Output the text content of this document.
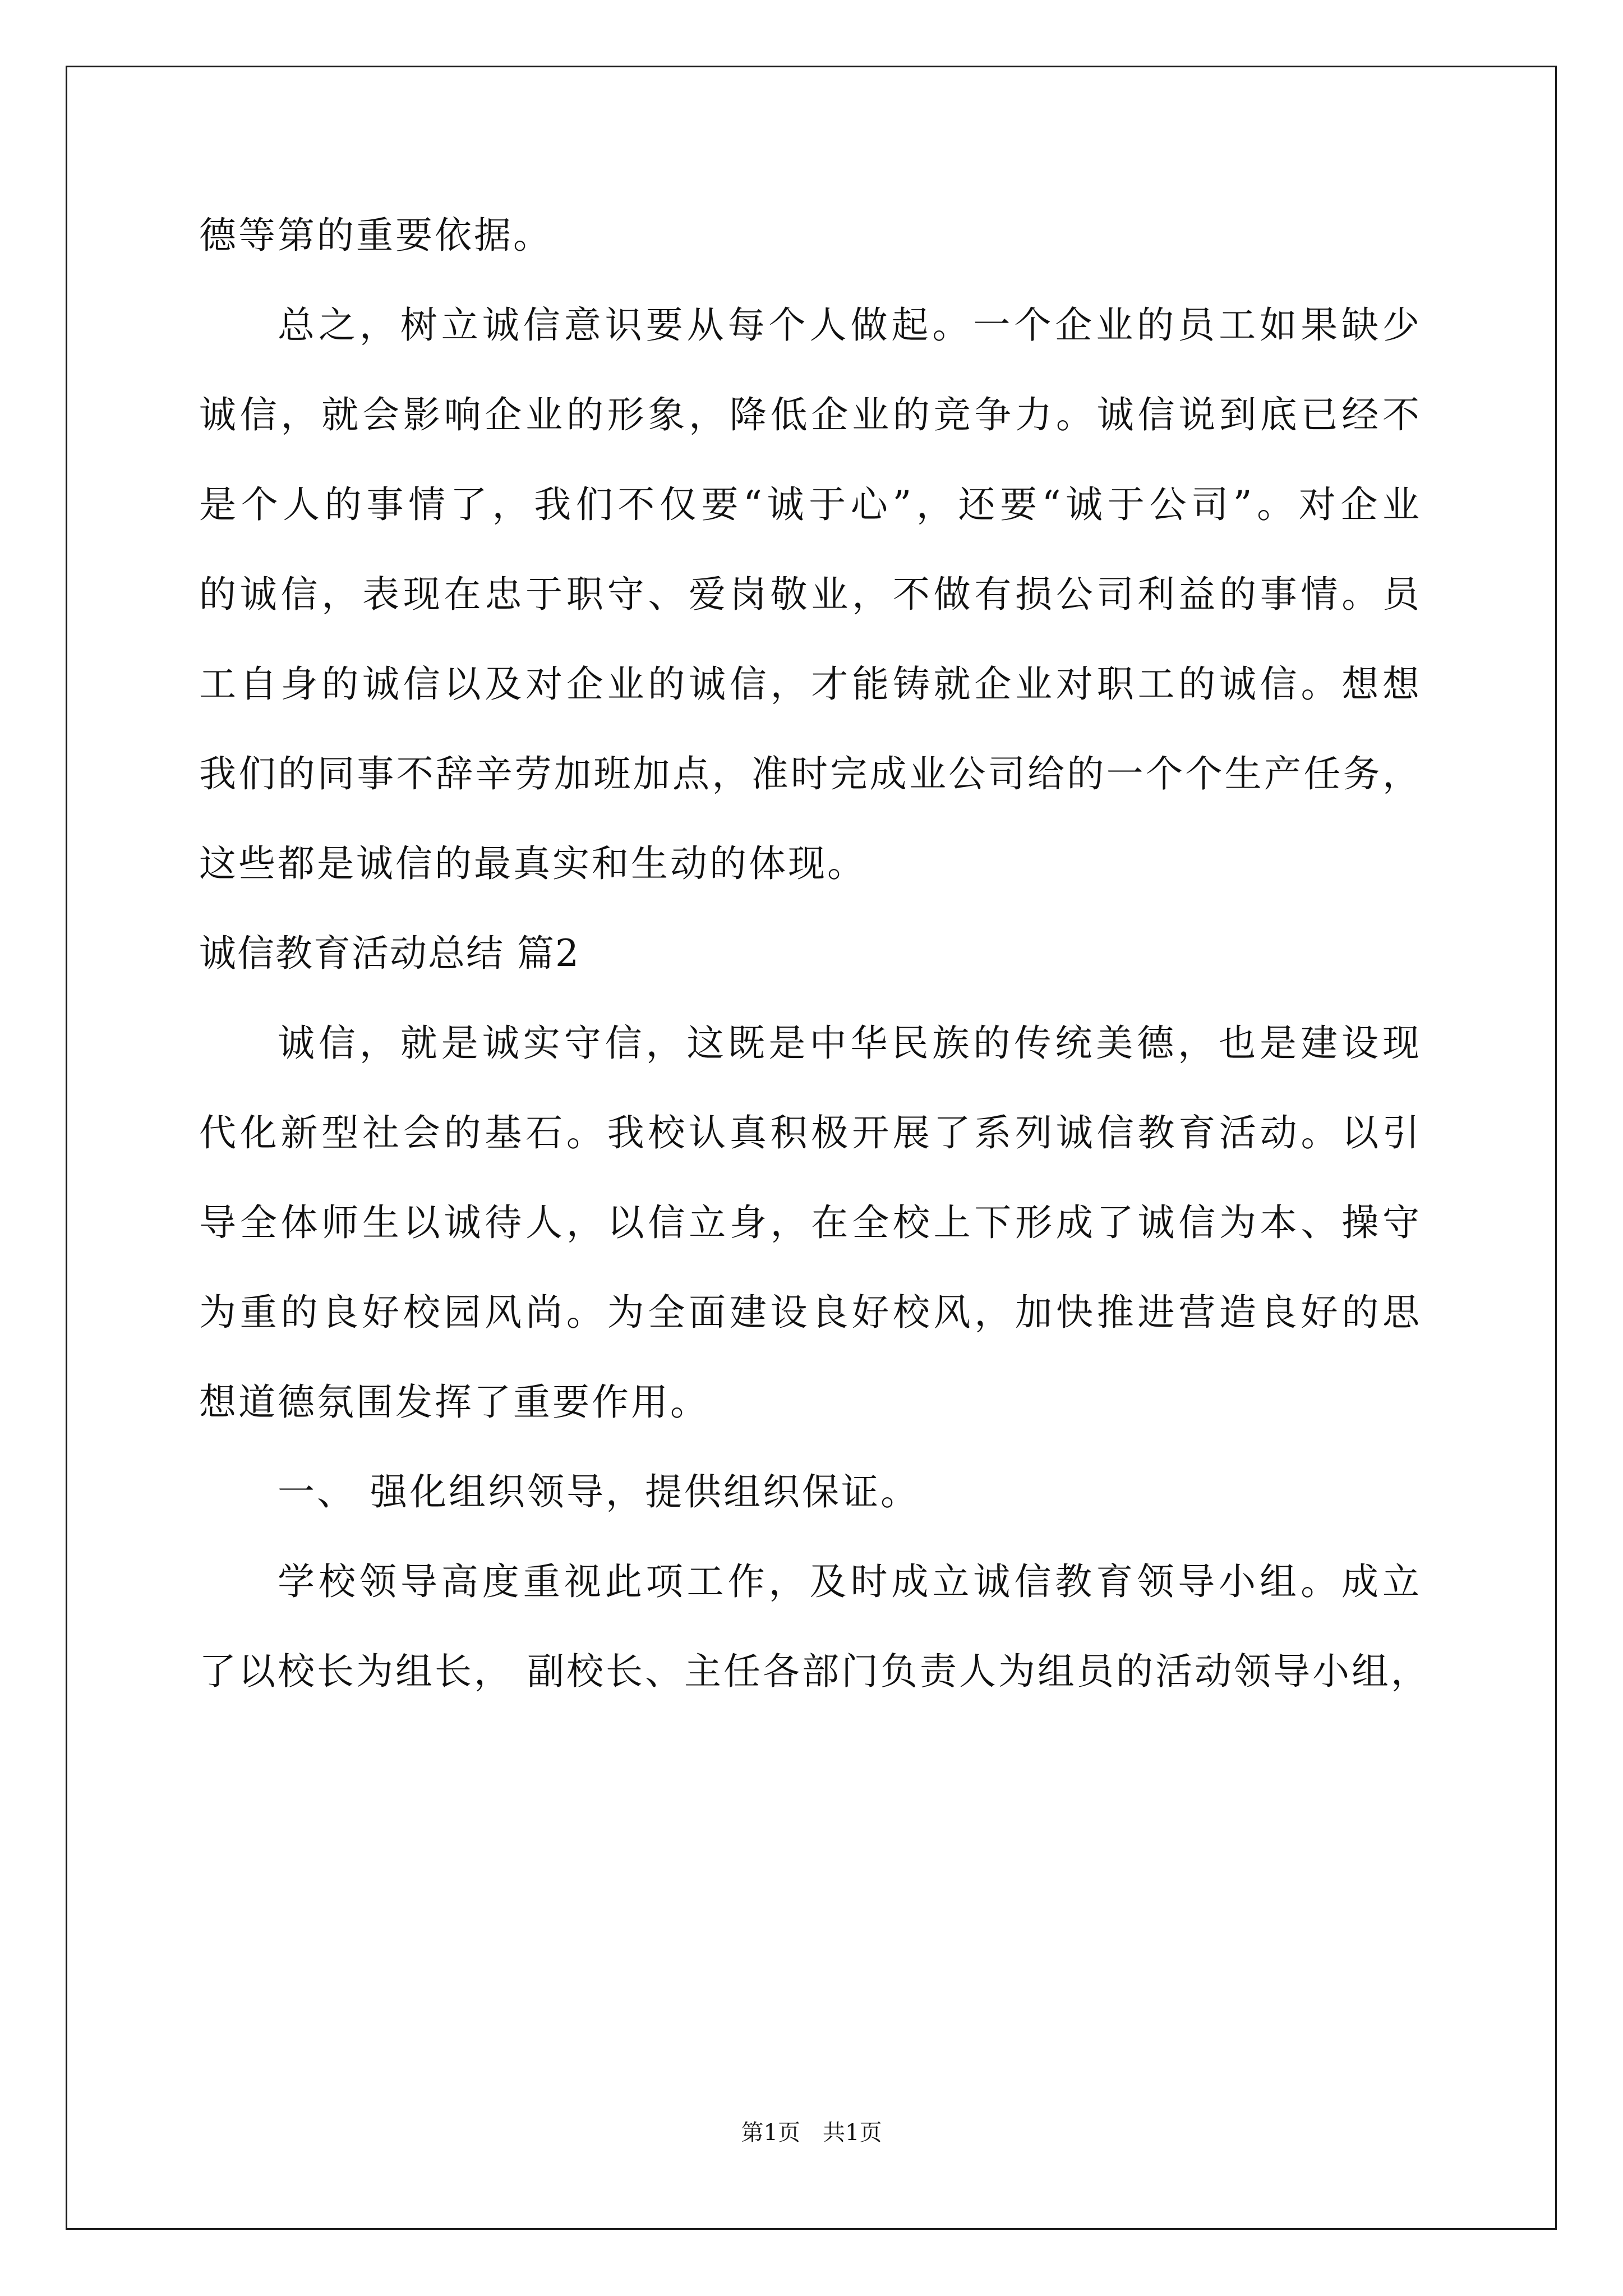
德等第的重要依据。
总之，树立诚信意识要从每个人做起。一个企业的员工如果缺少
诚信，就会影响企业的形象，降低企业的竞争力。诚信说到底已经不
是个人的事情了，我们不仅要“诚于心”，还要“诚于公司”。对企业
的诚信，表现在忠于职守、爱岗敬业，不做有损公司利益的事情。员
工自身的诚信以及对企业的诚信，才能铸就企业对职工的诚信。想想
我们的同事不辞辛劳加班加点，准时完成业公司给的一个个生产任务，
这些都是诚信的最真实和生动的体现。
诚信教育活动总结 篇2
诚信，就是诚实守信，这既是中华民族的传统美德，也是建设现
代化新型社会的基石。我校认真积极开展了系列诚信教育活动。以引
导全体师生以诚待人，以信立身，在全校上下形成了诚信为本、操守
为重的良好校园风尚。为全面建设良好校风，加快推进营造良好的思
想道德氛围发挥了重要作用。
一、 强化组织领导，提供组织保证。
学校领导高度重视此项工作，及时成立诚信教育领导小组。成立
了以校长为组长， 副校长、主任各部门负责人为组员的活动领导小组，
第1页　共1页
